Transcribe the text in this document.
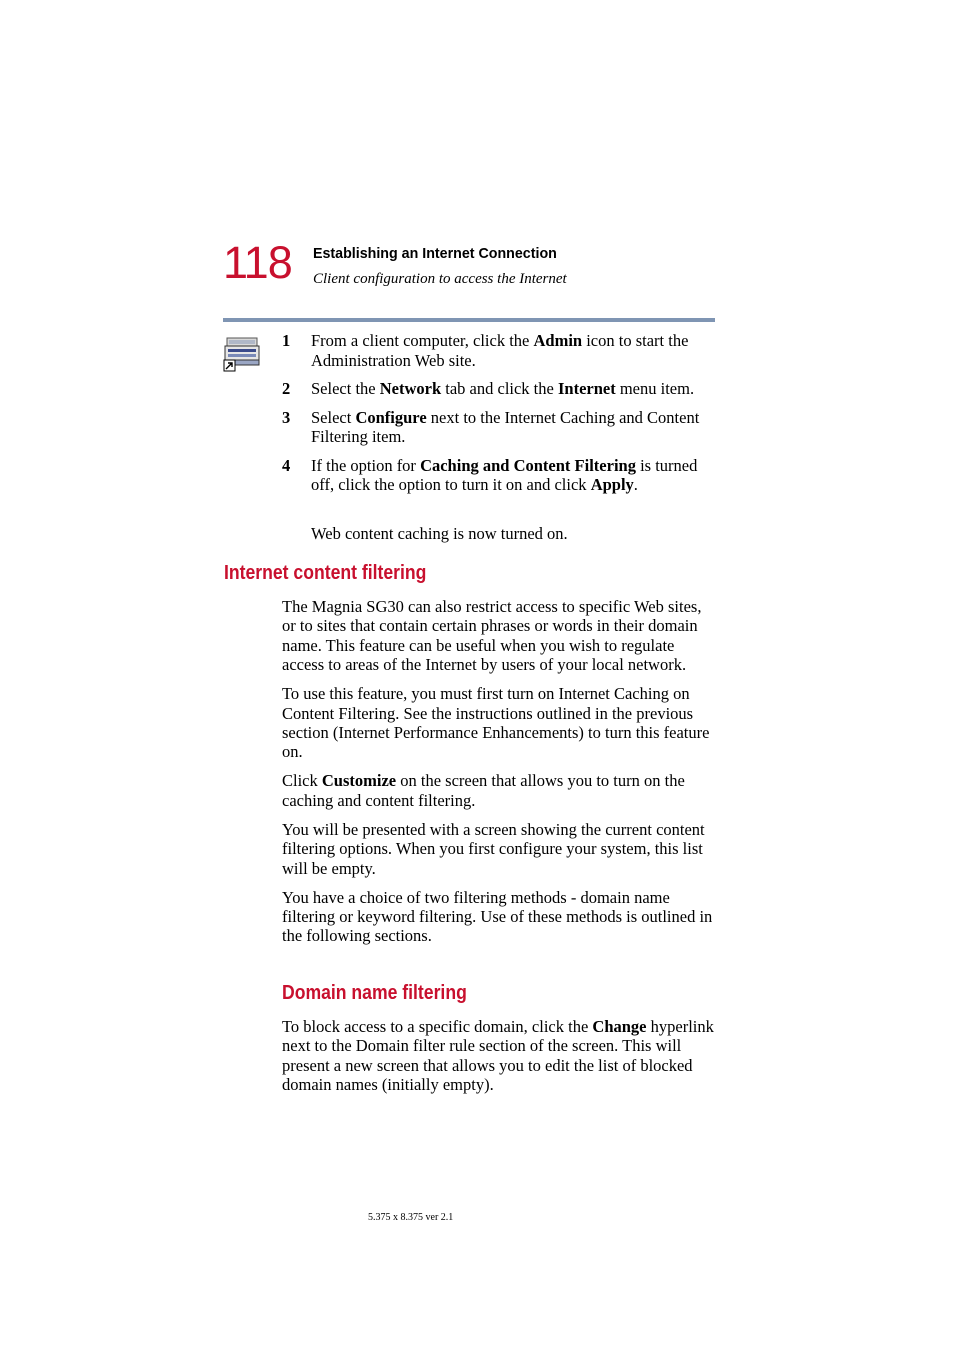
118 Establishing an Internet Connection
Client configuration to access the Internet
1 From a client computer, click the Admin icon to start the Administration Web site.
2 Select the Network tab and click the Internet menu item.
3 Select Configure next to the Internet Caching and Content Filtering item.
4 If the option for Caching and Content Filtering is turned off, click the option to turn it on and click Apply.
Web content caching is now turned on.
Internet content filtering

The Magnia SG30 can also restrict access to specific Web sites, or to sites that contain certain phrases or words in their domain name. This feature can be useful when you wish to regulate access to areas of the Internet by users of your local network.

To use this feature, you must first turn on Internet Caching on Content Filtering. See the instructions outlined in the previous section (Internet Performance Enhancements) to turn this feature on.

Click Customize on the screen that allows you to turn on the caching and content filtering.

You will be presented with a screen showing the current content filtering options. When you first configure your system, this list will be empty.

You have a choice of two filtering methods - domain name filtering or keyword filtering. Use of these methods is outlined in the following sections.

Domain name filtering

To block access to a specific domain, click the Change hyperlink next to the Domain filter rule section of the screen. This will present a new screen that allows you to edit the list of blocked domain names (initially empty).

5.375 x 8.375 ver 2.1
